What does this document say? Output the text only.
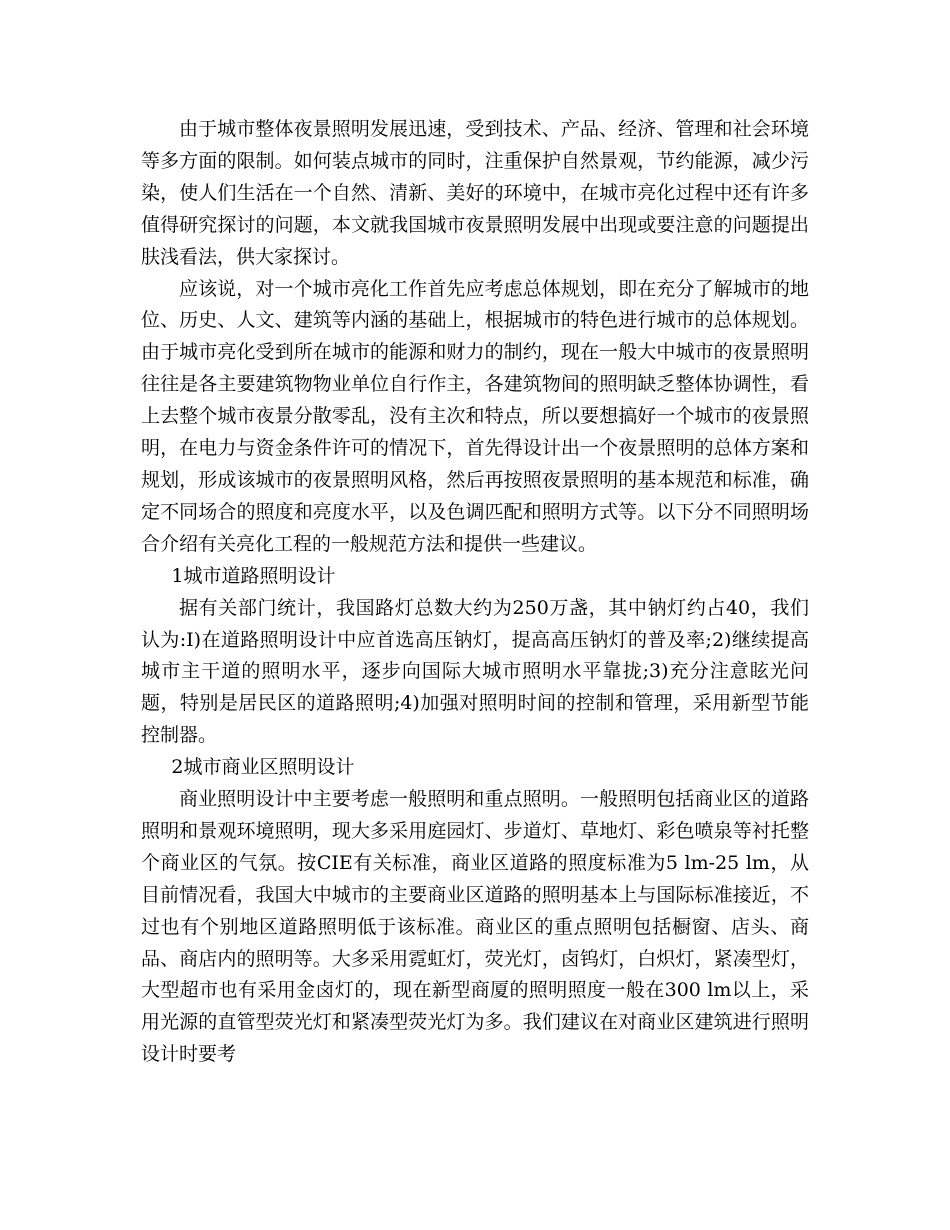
由于城市整体夜景照明发展迅速，受到技术、产品、经济、管理和社会环境等多方面的限制。如何装点城市的同时，注重保护自然景观，节约能源，减少污染，使人们生活在一个自然、清新、美好的环境中，在城市亮化过程中还有许多值得研究探讨的问题，本文就我国城市夜景照明发展中出现或要注意的问题提出肤浅看法，供大家探讨。

应该说，对一个城市亮化工作首先应考虑总体规划，即在充分了解城市的地位、历史、人文、建筑等内涵的基础上，根据城市的特色进行城市的总体规划。由于城市亮化受到所在城市的能源和财力的制约，现在一般大中城市的夜景照明往往是各主要建筑物物业单位自行作主，各建筑物间的照明缺乏整体协调性，看上去整个城市夜景分散零乱，没有主次和特点，所以要想搞好一个城市的夜景照明，在电力与资金条件许可的情况下，首先得设计出一个夜景照明的总体方案和规划，形成该城市的夜景照明风格，然后再按照夜景照明的基本规范和标准，确定不同场合的照度和亮度水平，以及色调匹配和照明方式等。以下分不同照明场合介绍有关亮化工程的一般规范方法和提供一些建议。

1城市道路照明设计

据有关部门统计，我国路灯总数大约为250万盏，其中钠灯约占40，我们认为:I)在道路照明设计中应首选高压钠灯，提高高压钠灯的普及率;2)继续提高城市主干道的照明水平，逐步向国际大城市照明水平靠拢;3)充分注意眩光问题，特别是居民区的道路照明;4)加强对照明时间的控制和管理，采用新型节能控制器。

2城市商业区照明设计

商业照明设计中主要考虑一般照明和重点照明。一般照明包括商业区的道路照明和景观环境照明，现大多采用庭园灯、步道灯、草地灯、彩色喷泉等衬托整个商业区的气氛。按CIE有关标准，商业区道路的照度标准为5 lm-25 lm，从目前情况看，我国大中城市的主要商业区道路的照明基本上与国际标准接近，不过也有个别地区道路照明低于该标准。商业区的重点照明包括橱窗、店头、商品、商店内的照明等。大多采用霓虹灯，荧光灯，卤钨灯，白炽灯，紧凑型灯，大型超市也有采用金卤灯的，现在新型商厦的照明照度一般在300 lm以上，采用光源的直管型荧光灯和紧凑型荧光灯为多。我们建议在对商业区建筑进行照明设计时要考
